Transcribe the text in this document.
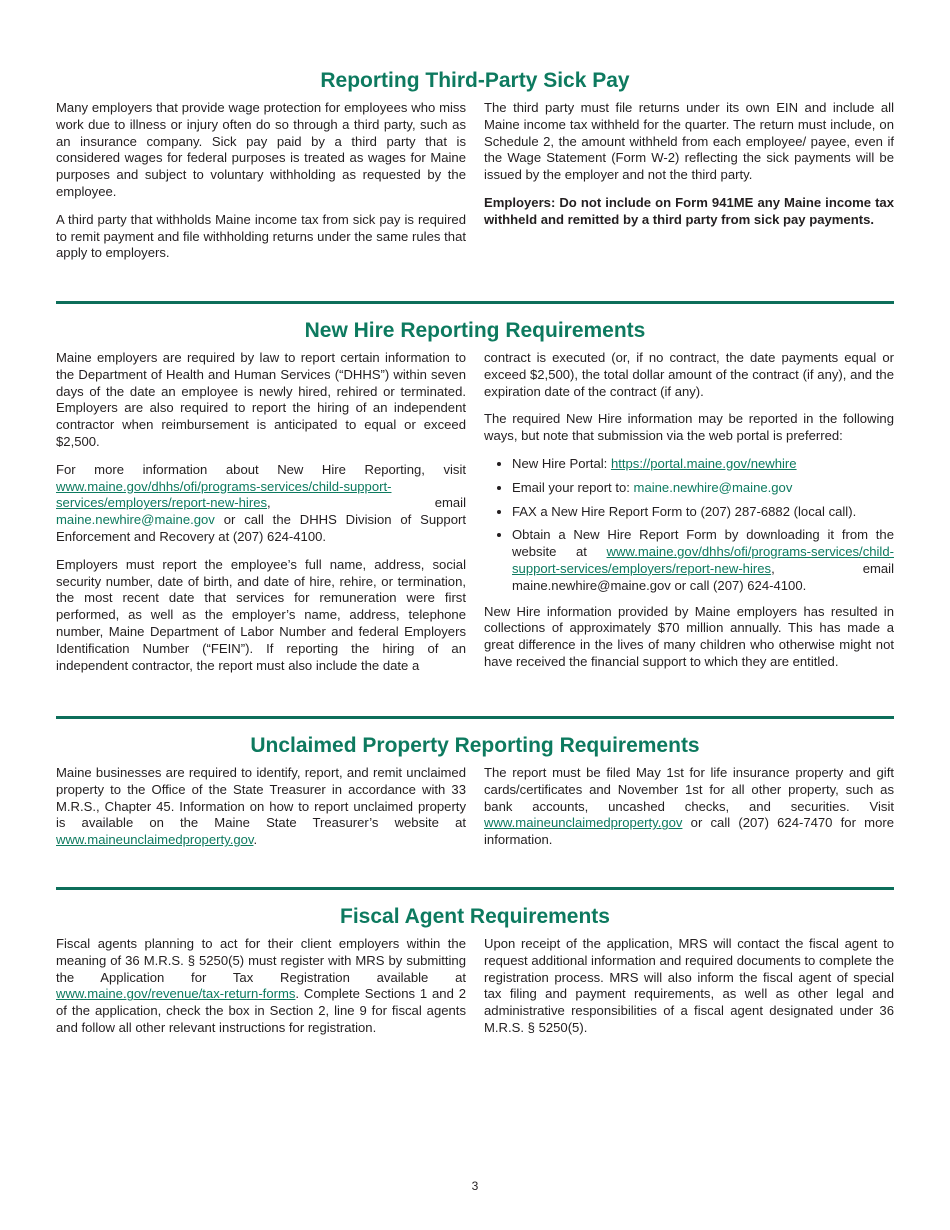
Reporting Third-Party Sick Pay

Many employers that provide wage protection for employees who miss work due to illness or injury often do so through a third party, such as an insurance company. Sick pay paid by a third party that is considered wages for federal purposes is treated as wages for Maine purposes and subject to voluntary withholding as requested by the employee.

A third party that withholds Maine income tax from sick pay is required to remit payment and file withholding returns under the same rules that apply to employers.

The third party must file returns under its own EIN and include all Maine income tax withheld for the quarter. The return must include, on Schedule 2, the amount withheld from each employee/ payee, even if the Wage Statement (Form W-2) reflecting the sick payments will be issued by the employer and not the third party.

Employers: Do not include on Form 941ME any Maine income tax withheld and remitted by a third party from sick pay payments.

New Hire Reporting Requirements

Maine employers are required by law to report certain information to the Department of Health and Human Services (“DHHS”) within seven days of the date an employee is newly hired, rehired or terminated. Employers are also required to report the hiring of an independent contractor when reimbursement is anticipated to equal or exceed $2,500.

For more information about New Hire Reporting, visit www.maine.gov/dhhs/ofi/programs-services/child-support-services/employers/report-new-hires, email maine.newhire@maine.gov or call the DHHS Division of Support Enforcement and Recovery at (207) 624-4100.

Employers must report the employee’s full name, address, social security number, date of birth, and date of hire, rehire, or termination, the most recent date that services for remuneration were first performed, as well as the employer’s name, address, telephone number, Maine Department of Labor Number and federal Employers Identification Number (“FEIN”). If reporting the hiring of an independent contractor, the report must also include the date a

contract is executed (or, if no contract, the date payments equal or exceed $2,500), the total dollar amount of the contract (if any), and the expiration date of the contract (if any).

The required New Hire information may be reported in the following ways, but note that submission via the web portal is preferred:

• New Hire Portal: https://portal.maine.gov/newhire
• Email your report to: maine.newhire@maine.gov
• FAX a New Hire Report Form to (207) 287-6882 (local call).
• Obtain a New Hire Report Form by downloading it from the website at www.maine.gov/dhhs/ofi/programs-services/child-support-services/employers/report-new-hires, email maine.newhire@maine.gov or call (207) 624-4100.

New Hire information provided by Maine employers has resulted in collections of approximately $70 million annually. This has made a great difference in the lives of many children who otherwise might not have received the financial support to which they are entitled.

Unclaimed Property Reporting Requirements

Maine businesses are required to identify, report, and remit unclaimed property to the Office of the State Treasurer in accordance with 33 M.R.S., Chapter 45. Information on how to report unclaimed property is available on the Maine State Treasurer’s website at www.maineunclaimedproperty.gov.

The report must be filed May 1st for life insurance property and gift cards/certificates and November 1st for all other property, such as bank accounts, uncashed checks, and securities. Visit www.maineunclaimedproperty.gov or call (207) 624-7470 for more information.

Fiscal Agent Requirements

Fiscal agents planning to act for their client employers within the meaning of 36 M.R.S. § 5250(5) must register with MRS by submitting the Application for Tax Registration available at www.maine.gov/revenue/tax-return-forms. Complete Sections 1 and 2 of the application, check the box in Section 2, line 9 for fiscal agents and follow all other relevant instructions for registration.

Upon receipt of the application, MRS will contact the fiscal agent to request additional information and required documents to complete the registration process. MRS will also inform the fiscal agent of special tax filing and payment requirements, as well as other legal and administrative responsibilities of a fiscal agent designated under 36 M.R.S. § 5250(5).

3
